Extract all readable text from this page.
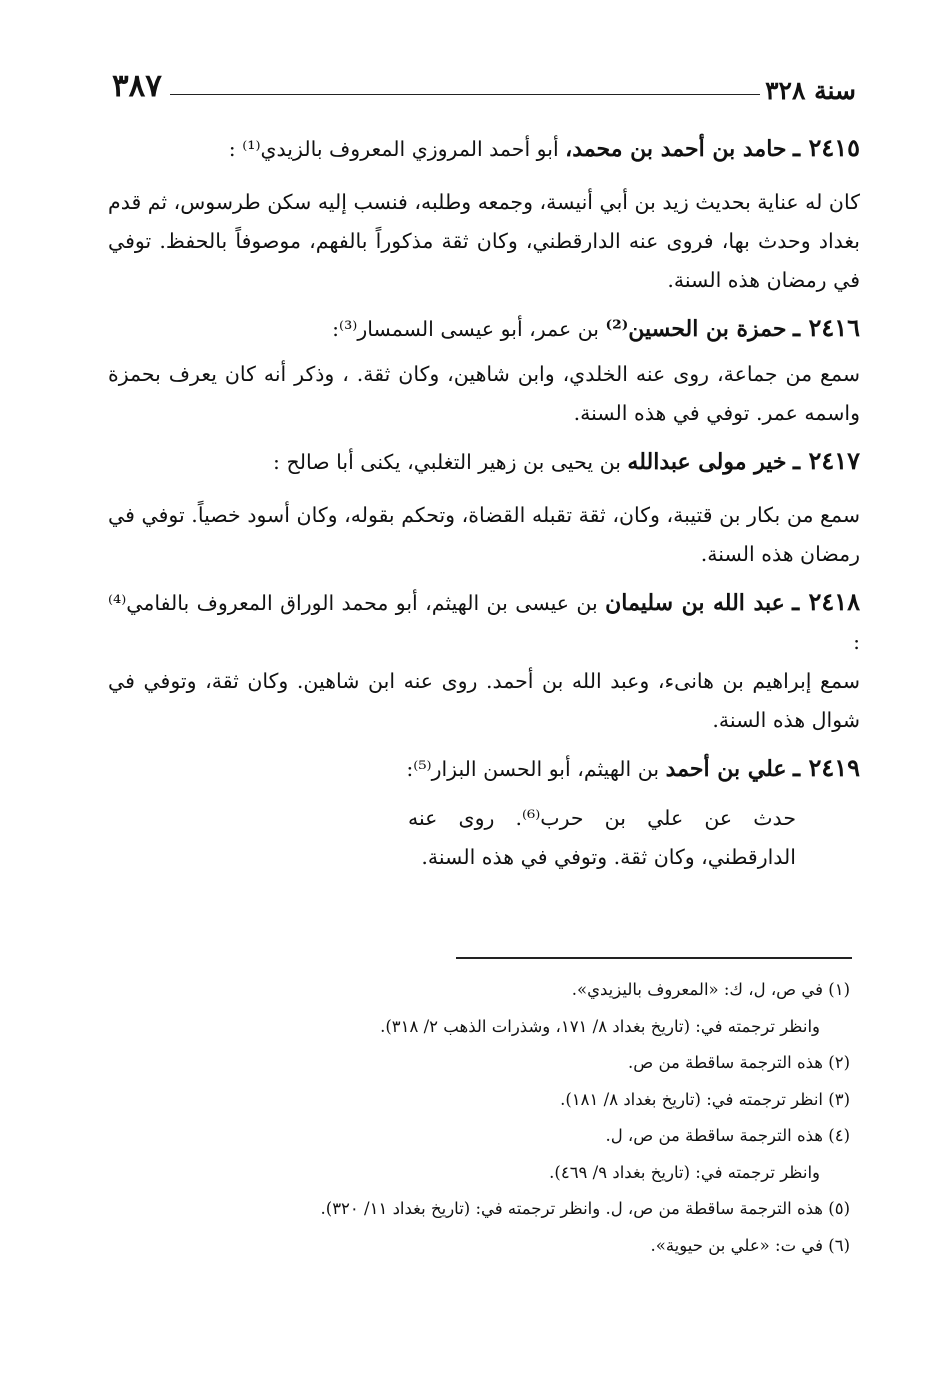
سنة ٣٢٨
٣٨٧

٢٤١٥ ـ حامد بن أحمد بن محمد، أبو أحمد المروزي المعروف بالزيدي⁽¹⁾ :

كان له عناية بحديث زيد بن أبي أنيسة، وجمعه وطلبه، فنسب إليه سكن طرسوس، ثم قدم بغداد وحدث بها، فروى عنه الدارقطني، وكان ثقة مذكوراً بالفهم، موصوفاً بالحفظ. توفي في رمضان هذه السنة.

٢٤١٦ ـ حمزة بن الحسين⁽²⁾ بن عمر، أبو عيسى السمسار⁽³⁾:

سمع من جماعة، روى عنه الخلدي، وابن شاهين، وكان ثقة. ، وذكر أنه كان يعرف بحمزة واسمه عمر. توفي في هذه السنة.

٢٤١٧ ـ خير مولى عبدالله بن يحيى بن زهير التغلبي، يكنى أبا صالح :

سمع من بكار بن قتيبة، وكان، ثقة تقبله القضاة، وتحكم بقوله، وكان أسود خصياً. توفي في رمضان هذه السنة.

٢٤١٨ ـ عبد الله بن سليمان بن عيسى بن الهيثم، أبو محمد الوراق المعروف بالفامي⁽⁴⁾ :

سمع إبراهيم بن هانىء، وعبد الله بن أحمد. روى عنه ابن شاهين. وكان ثقة، وتوفي في شوال هذه السنة.

٢٤١٩ ـ علي بن أحمد بن الهيثم، أبو الحسن البزار⁽⁵⁾:

حدث عن علي بن حرب⁽⁶⁾. روى عنه الدارقطني، وكان ثقة. وتوفي في هذه السنة.

(١) في ص، ل، ك: «المعروف باليزيدي».

وانظر ترجمته في: (تاريخ بغداد ٨/ ١٧١، وشذرات الذهب ٢/ ٣١٨).

(٢) هذه الترجمة ساقطة من ص.

(٣) انظر ترجمته في: (تاريخ بغداد ٨/ ١٨١).

(٤) هذه الترجمة ساقطة من ص، ل.

وانظر ترجمته في: (تاريخ بغداد ٩/ ٤٦٩).

(٥) هذه الترجمة ساقطة من ص، ل. وانظر ترجمته في: (تاريخ بغداد ١١/ ٣٢٠).

(٦) في ت: «علي بن حيوية».
